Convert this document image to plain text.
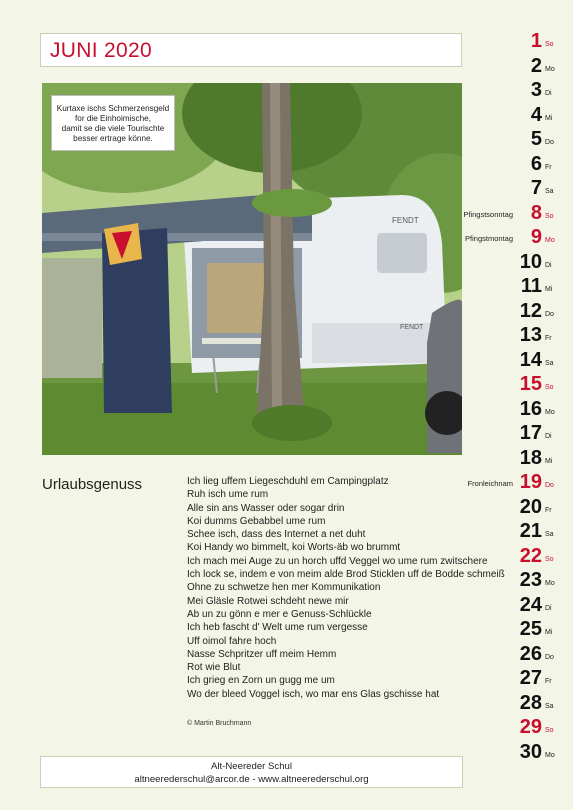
JUNI 2020
FENDT
FENDT
Kurtaxe ischs Schmerzensgeld
for die Einhoimische,
damit se die viele Tourischte
besser ertrage könne.
Urlaubsgenuss	Ich lieg uffem Liegeschduhl em Campingplatz
Ruh isch ume rum
Alle sin ans Wasser oder sogar drin
Koi dumms Gebabbel ume rum
Schee isch, dass des Internet a net duht
Koi Handy wo bimmelt, koi Worts-äb wo brummt
Ich mach mei Auge zu un horch uffd Veggel wo ume rum zwitschere
Ich lock se, indem e von meim alde Brod Sticklen uff de Bodde schmeiß
Ohne zu schwetze hen mer Kommunikation
Mei Gläsle Rotwei schdeht newe mir
Ab un zu gönn e mer e Genuss-Schlückle
Ich heb fascht d' Welt ume rum vergesse
Uff oimol fahre hoch
Nasse Schpritzer uff meim Hemm
Rot wie Blut
Ich grieg en Zorn un gugg me um
Wo der bleed Voggel isch, wo mar ens Glas gschisse hat
© Martin Bruchmann
Alt-Neereder Schul
altneerederschul@arcor.de - www.altneerederschul.org
1 So
2 Mo
3 Di
4 Mi
5 Do
6 Fr
7 Sa
Pfingstsonntag 8 So
Pfingstmontag 9 Mo
10 Di
11 Mi
12 Do
13 Fr
14 Sa
15 So
16 Mo
17 Di
18 Mi
Fronleichnam 19 Do
20 Fr
21 Sa
22 So
23 Mo
24 Di
25 Mi
26 Do
27 Fr
28 Sa
29 So
30 Mo
